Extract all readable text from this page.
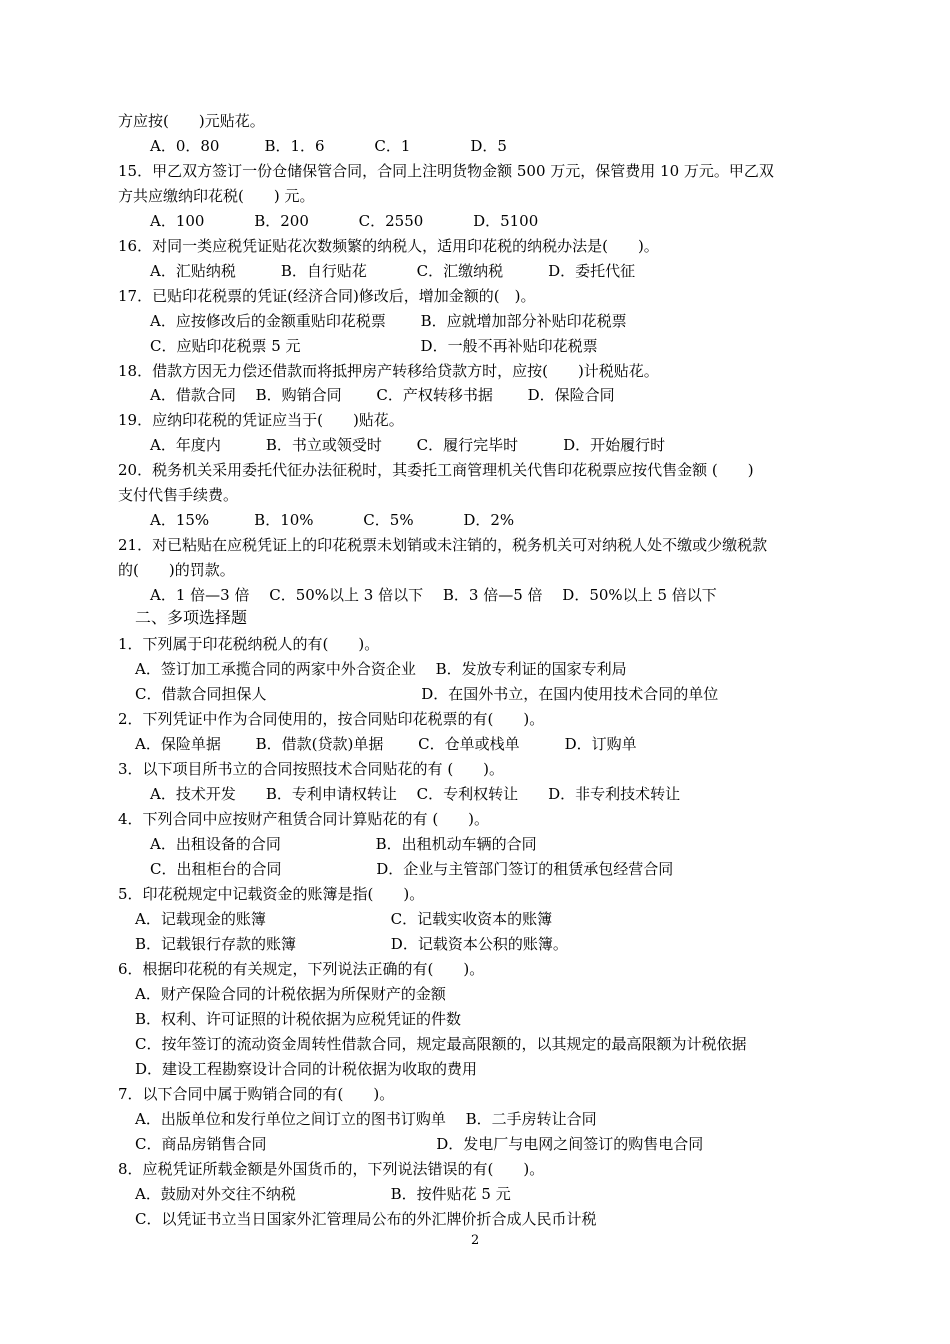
方应按(　　)元贴花。
A．0．80　　　B．1．6　　　 C．1　　　　D．5
15．甲乙双方签订一份仓储保管合同，合同上注明货物金额 500 万元，保管费用 10 万元。甲乙双
方共应缴纳印花税(　　) 元。
A．100　　　 B．200　　　 C．2550　　　 D．5100
16．对同一类应税凭证贴花次数频繁的纳税人，适用印花税的纳税办法是(　　)。
A．汇贴纳税　　　B．自行贴花　　　 C．汇缴纳税　　　D．委托代征
17．已贴印花税票的凭证(经济合同)修改后，增加金额的(　)。
A．应按修改后的金额重贴印花税票　　 B．应就增加部分补贴印花税票
C．应贴印花税票 5 元　　　　　　　　D．一般不再补贴印花税票
18．借款方因无力偿还借款而将抵押房产转移给贷款方时，应按(　　)计税贴花。
A．借款合同　 B．购销合同　　 C．产权转移书据　　 D．保险合同
19．应纳印花税的凭证应当于(　　)贴花。
A．年度内　　　B．书立或领受时　　 C．履行完毕时　　　D．开始履行时
20．税务机关采用委托代征办法征税时，其委托工商管理机关代售印花税票应按代售金额 (　　)
支付代售手续费。
A．15%　　　B．10%　　　 C．5%　　　 D．2%
21．对已粘贴在应税凭证上的印花税票未划销或未注销的，税务机关可对纳税人处不缴或少缴税款
的(　　)的罚款。
A．1 倍—3 倍　 C．50%以上 3 倍以下　 B．3 倍—5 倍　 D．50%以上 5 倍以下
二、多项选择题
1．下列属于印花税纳税人的有(　　)。
A．签订加工承揽合同的两家中外合资企业　 B．发放专利证的国家专利局
C．借款合同担保人　　　　　　　　　　 D．在国外书立，在国内使用技术合同的单位
2．下列凭证中作为合同使用的，按合同贴印花税票的有(　　)。
A．保险单据　　 B．借款(贷款)单据　　 C．仓单或栈单　　　D．订购单
3．以下项目所书立的合同按照技术合同贴花的有 (　　)。
A．技术开发　　B．专利申请权转让　 C．专利权转让　　D．非专利技术转让
4．下列合同中应按财产租赁合同计算贴花的有 (　　)。
A．出租设备的合同　　　　　　 B．出租机动车辆的合同
C．出租柜台的合同　　　　　　 D．企业与主管部门签订的租赁承包经营合同
5．印花税规定中记载资金的账簿是指(　　)。
A．记载现金的账簿　　　　　　　　 C．记载实收资本的账簿
B．记载银行存款的账簿　　　　　　 D．记载资本公积的账簿。
6．根据印花税的有关规定，下列说法正确的有(　　)。
A．财产保险合同的计税依据为所保财产的金额
B．权利、许可证照的计税依据为应税凭证的件数
C．按年签订的流动资金周转性借款合同，规定最高限额的，以其规定的最高限额为计税依据
D．建设工程勘察设计合同的计税依据为收取的费用
7．以下合同中属于购销合同的有(　　)。
A．出版单位和发行单位之间订立的图书订购单　 B．二手房转让合同
C．商品房销售合同　　　　　　　　　　　 D．发电厂与电网之间签订的购售电合同
8．应税凭证所载金额是外国货币的，下列说法错误的有(　　)。
A．鼓励对外交往不纳税　　　　　　 B．按件贴花 5 元
C．以凭证书立当日国家外汇管理局公布的外汇牌价折合成人民币计税
2
